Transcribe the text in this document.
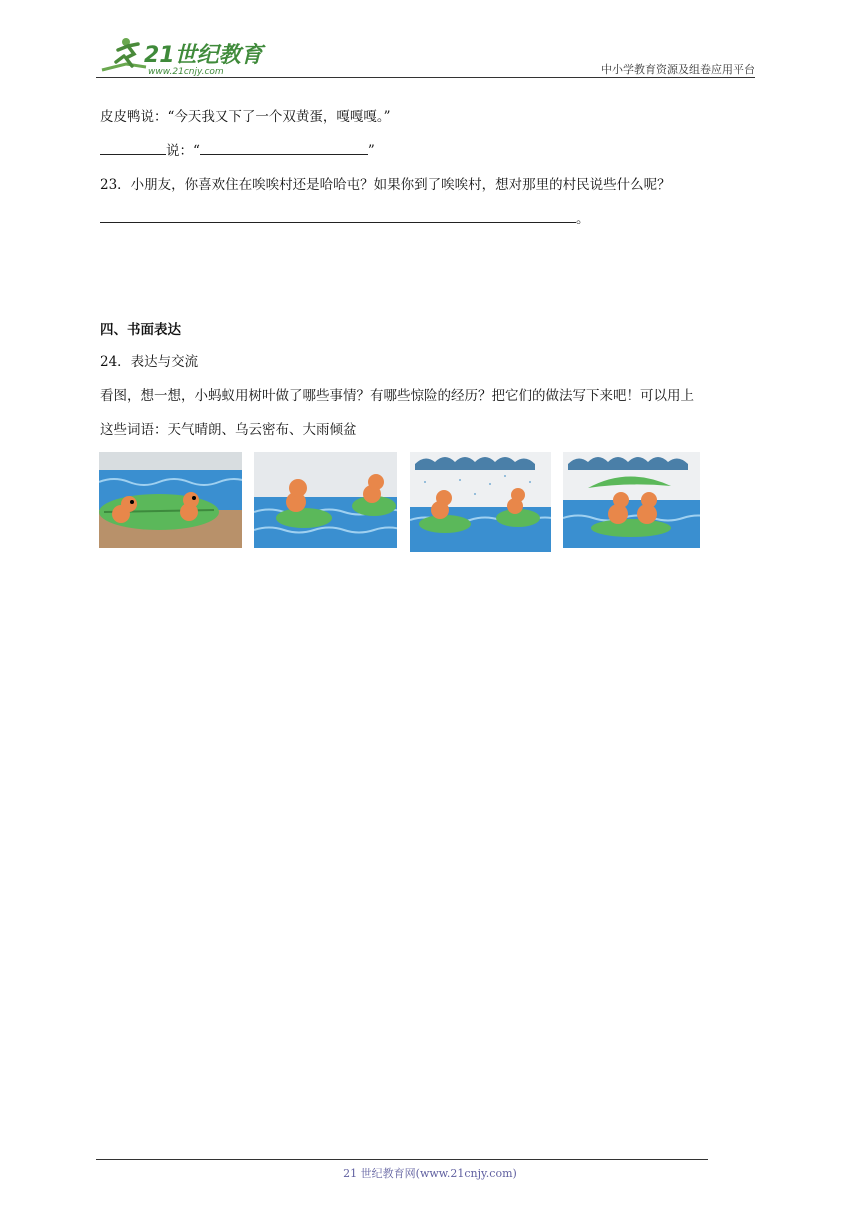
21世纪教育
www.21cnjy.com	中小学教育资源及组卷应用平台
皮皮鸭说：“今天我又下了一个双黄蛋，嘎嘎嘎。”
说：“	”
23．小朋友，你喜欢住在唉唉村还是哈哈屯？如果你到了唉唉村，想对那里的村民说些什么呢？
。
四、书面表达
24．表达与交流
看图，想一想，小蚂蚁用树叶做了哪些事情？有哪些惊险的经历？把它们的做法写下来吧！可以用上
这些词语：天气晴朗、乌云密布、大雨倾盆
21 世纪教育网(www.21cnjy.com)
